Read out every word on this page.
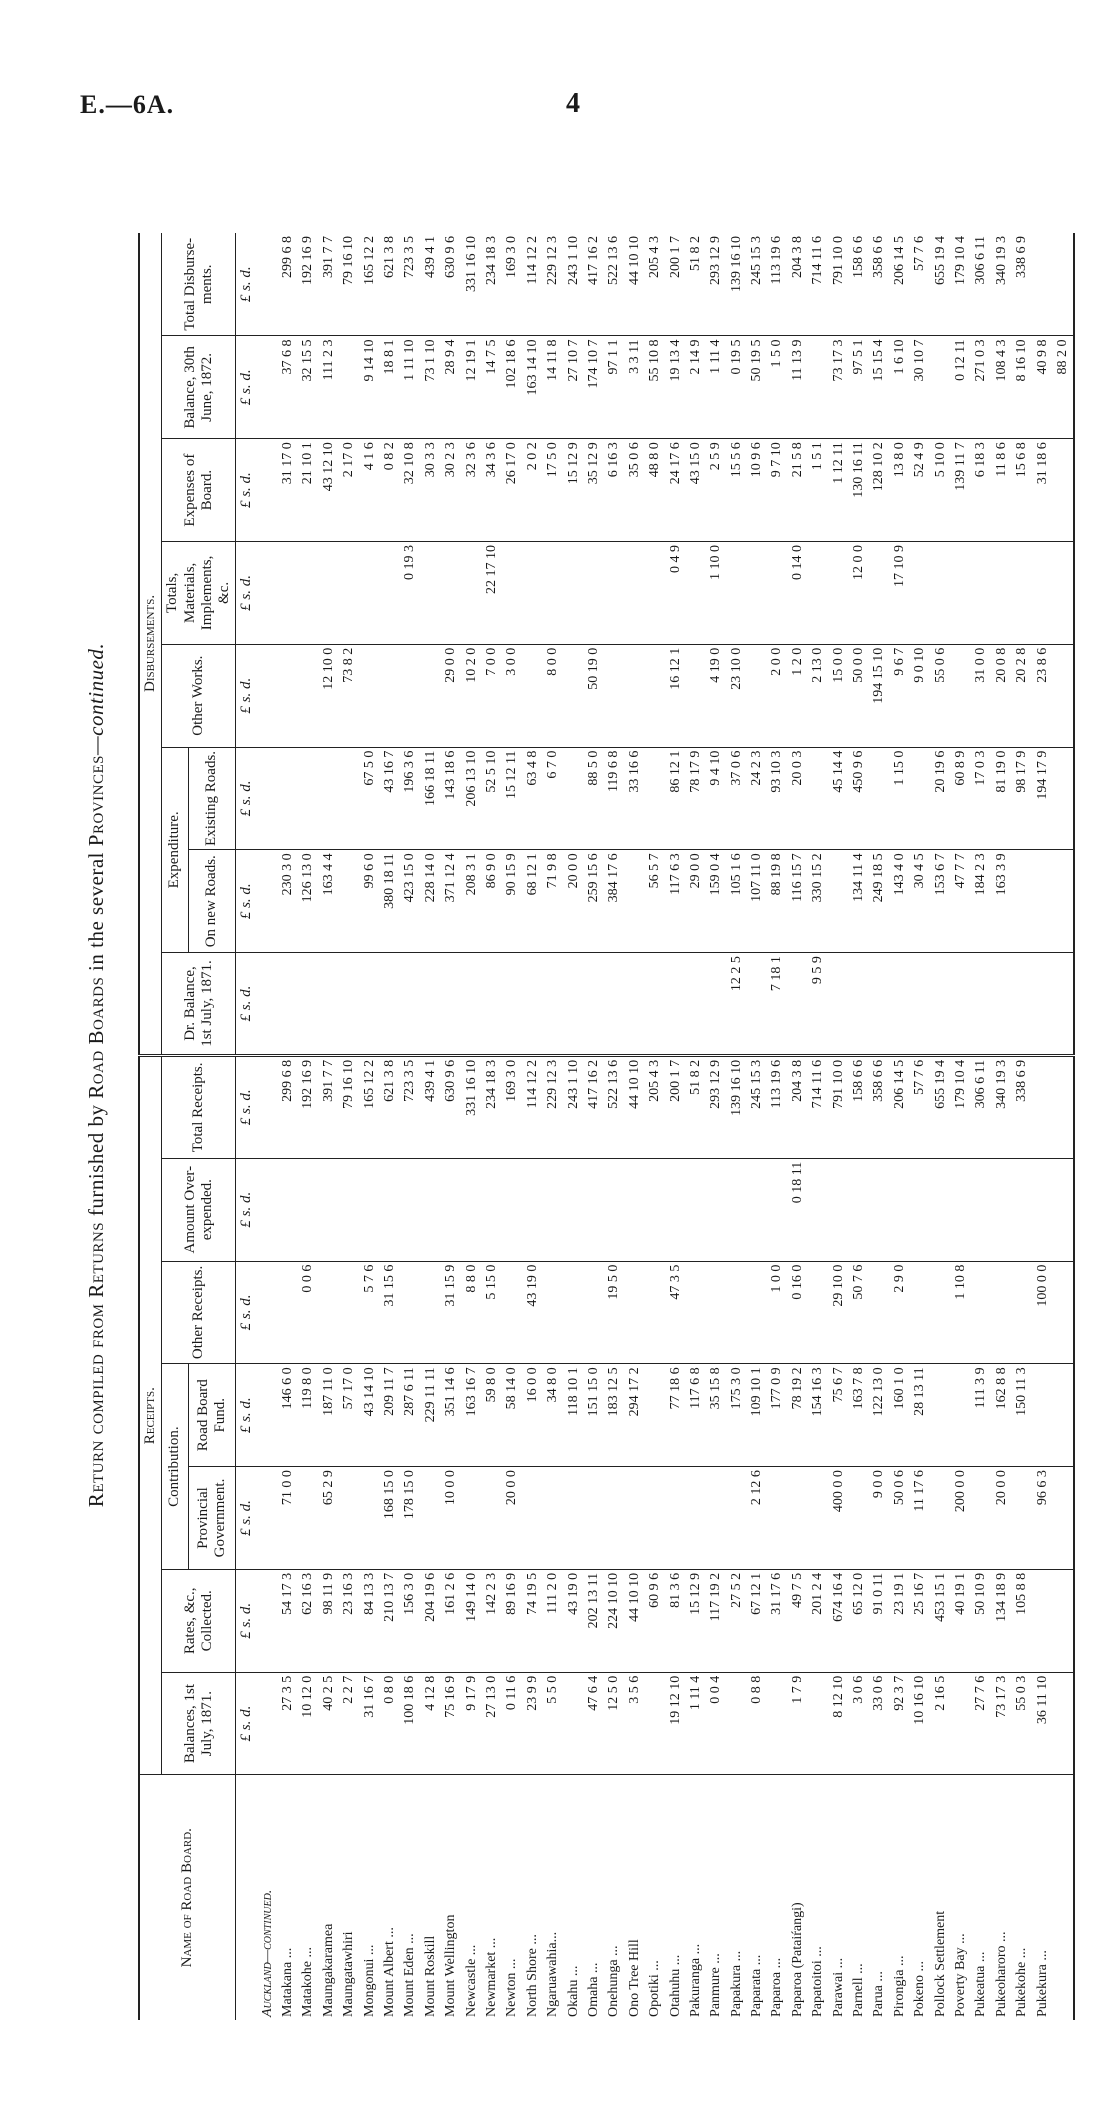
E.—6A.	4
Return compiled from Returns furnished by Road Boards in the several Provinces—continued.
Name of Road Board.	Receipts.							Disbursements.							
	Balances, 1st July, 1871.	Rates, &c., Collected.	Contribution.		Other Receipts.	Amount Over-expended.	Total Receipts.	Dr. Balance, 1st July, 1871.	Expenditure.		Other Works.	Totals, Materials, Implements, &c.	Expenses of Board.	Balance, 30th June, 1872.	Total Disburse-ments.
			Provincial Government.	Road Board Fund.					On new Roads.	Existing Roads.					
	£ s. d.	£ s. d.	£ s. d.	£ s. d.	£ s. d.	£ s. d.	£ s. d.	£ s. d.	£ s. d.	£ s. d.	£ s. d.	£ s. d.	£ s. d.	£ s. d.	£ s. d.
Auckland—continued.															
Matakana ...	27 3 5	54 17 3	71 0 0	146 6 0			299 6 8		230 3 0				31 17 0	37 6 8	299 6 8
Matakohe ...	10 12 0	62 16 3		119 8 0	0 0 6		192 16 9		126 13 0				21 10 1	32 15 5	192 16 9
Maungakaramea	40 2 5	98 11 9	65 2 9	187 11 0			391 7 7		163 4 4		12 10 0		43 12 10	111 2 3	391 7 7
Maungatawhiri	2 2 7	23 16 3		57 17 0			79 16 10				73 8 2		2 17 0		79 16 10
Mongonui ...	31 16 7	84 13 3		43 14 10	5 7 6		165 12 2		99 6 0	67 5 0			4 1 6	9 14 10	165 12 2
Mount Albert ...	0 8 0	210 13 7	168 15 0	209 11 7	31 15 6		621 3 8		380 18 11	43 16 7			0 8 2	18 8 1	621 3 8
Mount Eden ...	100 18 6	156 3 0	178 15 0	287 6 11			723 3 5		423 15 0	196 3 6		0 19 3	32 10 8	1 11 10	723 3 5
Mount Roskill	4 12 8	204 19 6		229 11 11			439 4 1		228 14 0	166 18 11			30 3 3	73 1 10	439 4 1
Mount Wellington	75 16 9	161 2 6	10 0 0	351 14 6	31 15 9		630 9 6		371 12 4	143 18 6	29 0 0		30 2 3	28 9 4	630 9 6
Newcastle ...	9 17 9	149 14 0		163 16 7	8 8 0		331 16 10		208 3 1	206 13 10	10 2 0		32 3 6	12 19 1	331 16 10
Newmarket ...	27 13 0	142 2 3		59 8 0	5 15 0		234 18 3		86 9 0	52 5 10	7 0 0	22 17 10	34 3 6	14 7 5	234 18 3
Newton ...	0 11 6	89 16 9	20 0 0	58 14 0			169 3 0		90 15 9	15 12 11	3 0 0		26 17 0	102 18 6	169 3 0
North Shore ...	23 9 9	74 19 5		16 0 0	43 19 0		114 12 2		68 12 1	63 4 8			2 0 2	163 14 10	114 12 2
Ngaruawahia...	5 5 0	111 2 0		34 8 0			229 12 3		71 9 8	6 7 0	8 0 0		17 5 0	14 11 8	229 12 3
Okahu ...		43 19 0		118 10 1			243 1 10		20 0 0				15 12 9	27 10 7	243 1 10
Omaha ...	47 6 4	202 13 11		151 15 0			417 16 2		259 15 6	88 5 0	50 19 0		35 12 9	174 10 7	417 16 2
Onehunga ...	12 5 0	224 10 10		183 12 5	19 5 0		522 13 6		384 17 6	119 6 8			6 16 3	97 1 1	522 13 6
Ono Tree Hill	3 5 6	44 10 10		294 17 2			44 10 10			33 16 6			35 0 6	3 3 11	44 10 10
Opotiki ...		60 9 6					205 4 3		56 5 7				48 8 0	55 10 8	205 4 3
Otahuhu ...	19 12 10	81 3 6		77 18 6	47 3 5		200 1 7		117 6 3	86 12 1	16 12 1	0 4 9	24 17 6	19 13 4	200 1 7
Pakuranga ...	1 11 4	15 12 9		117 6 8			51 8 2		29 0 0	78 17 9			43 15 0	2 14 9	51 8 2
Panmure ...	0 0 4	117 19 2		35 15 8			293 12 9		159 0 4	9 4 10	4 19 0	1 10 0	2 5 9	1 11 4	293 12 9
Papakura ...		27 5 2		175 3 0			139 16 10	12 2 5	105 1 6	37 0 6	23 10 0		15 5 6	0 19 5	139 16 10
Paparata ...	0 8 8	67 12 1	2 12 6	109 10 1			245 15 3		107 11 0	24 2 3			10 9 6	50 19 5	245 15 3
Paparoa ...		31 17 6		177 0 9	1 0 0		113 19 6	7 18 1	88 19 8	93 10 3	2 0 0		9 7 10	1 5 0	113 19 6
Paparoa (Pataiŕangi)	1 7 9	49 7 5		78 19 2	0 16 0	0 18 11	204 3 8		116 15 7	20 0 3	1 2 0	0 14 0	21 5 8	11 13 9	204 3 8
Papatoitoi ...		201 2 4		154 16 3			714 11 6	9 5 9	330 15 2		2 13 0		1 5 1		714 11 6
Parawai ...	8 12 10	674 16 4	400 0 0	75 6 7	29 10 0		791 10 0			45 14 4	15 0 0		1 12 11	73 17 3	791 10 0
Parnell ...	3 0 6	65 12 0		163 7 8	50 7 6		158 6 6		134 11 4	450 9 6	50 0 0	12 0 0	130 16 11	97 5 1	158 6 6
Parua ...	33 0 6	91 0 11	9 0 0	122 13 0			358 6 6		249 18 5		194 15 10		128 10 2	15 15 4	358 6 6
Pirongia ...	92 3 7	23 19 1	50 0 6	160 1 0	2 9 0		206 14 5		143 4 0	1 15 0	9 6 7	17 10 9	13 8 0	1 6 10	206 14 5
Pokeno ...	10 16 10	25 16 7	11 17 6	28 13 11			57 7 6		30 4 5		9 0 10		52 4 9	30 10 7	57 7 6
Pollock Settlement	2 16 5	453 15 1					655 19 4		153 6 7	20 19 6	55 0 6		5 10 0		655 19 4
Poverty Bay ...		40 19 1	200 0 0		1 10 8		179 10 4		47 7 7	60 8 9			139 11 7	0 12 11	179 10 4
Pukeatua ...	27 7 6	50 10 9		111 3 9			306 6 11		184 2 3	17 0 3	31 0 0		6 18 3	271 0 3	306 6 11
Pukeoharoro ...	73 17 3	134 18 9	20 0 0	162 8 8			340 19 3		163 3 9	81 19 0	20 0 8		11 8 6	108 4 3	340 19 3
Pukekohe ...	55 0 3	105 8 8		150 11 3			338 6 9			98 17 9	20 2 8		15 6 8	8 16 10	338 6 9
Pukekura ...	36 11 10		96 6 3		100 0 0					194 17 9	23 8 6		31 18 6	40 9 8	
														88 2 0	
